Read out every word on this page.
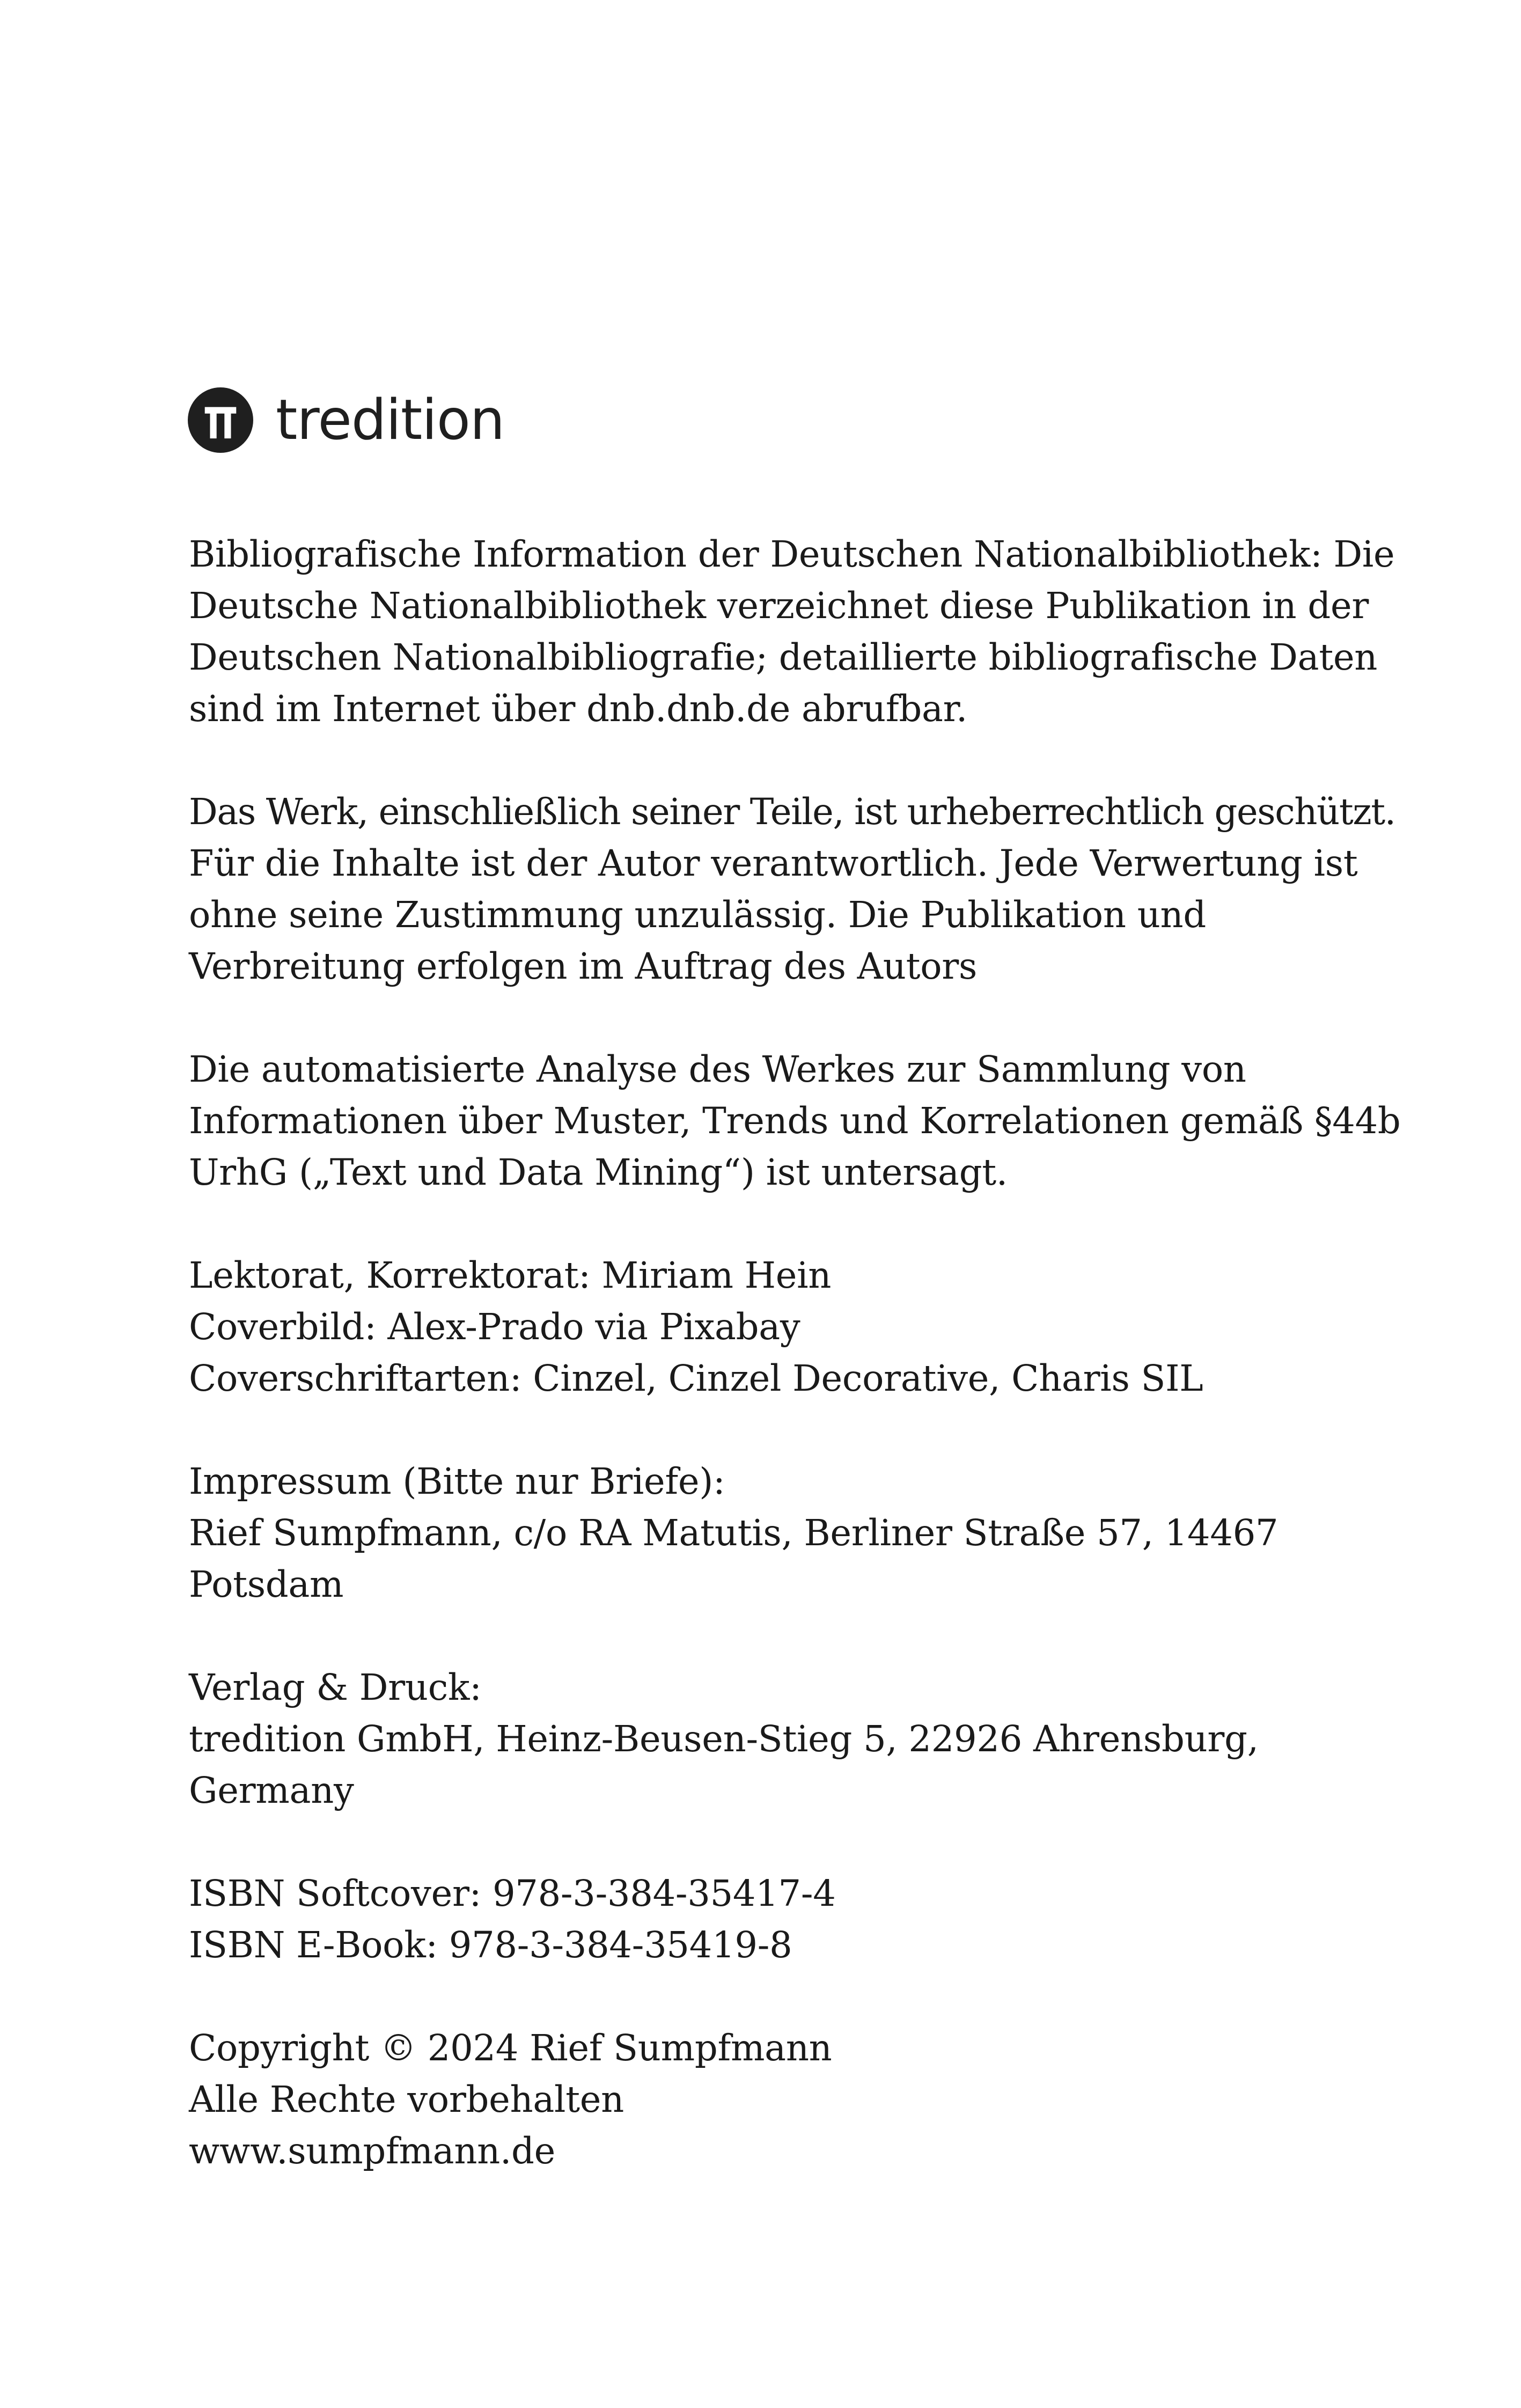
tredition
Bibliografische Information der Deutschen Nationalbibliothek: Die
Deutsche Nationalbibliothek verzeichnet diese Publikation in der
Deutschen Nationalbibliografie; detaillierte bibliografische Daten
sind im Internet über dnb.dnb.de abrufbar.
Das Werk, einschließlich seiner Teile, ist urheberrechtlich geschützt.
Für die Inhalte ist der Autor verantwortlich. Jede Verwertung ist
ohne seine Zustimmung unzulässig. Die Publikation und
Verbreitung erfolgen im Auftrag des Autors
Die automatisierte Analyse des Werkes zur Sammlung von
Informationen über Muster, Trends und Korrelationen gemäß §44b
UrhG („Text und Data Mining“) ist untersagt.
Lektorat, Korrektorat: Miriam Hein
Coverbild: Alex-Prado via Pixabay
Coverschriftarten: Cinzel, Cinzel Decorative, Charis SIL
Impressum (Bitte nur Briefe):
Rief Sumpfmann, c/o RA Matutis, Berliner Straße 57, 14467
Potsdam
Verlag & Druck:
tredition GmbH, Heinz-Beusen-Stieg 5, 22926 Ahrensburg,
Germany
ISBN Softcover: 978-3-384-35417-4
ISBN E-Book: 978-3-384-35419-8
Copyright © 2024 Rief Sumpfmann
Alle Rechte vorbehalten
www.sumpfmann.de
